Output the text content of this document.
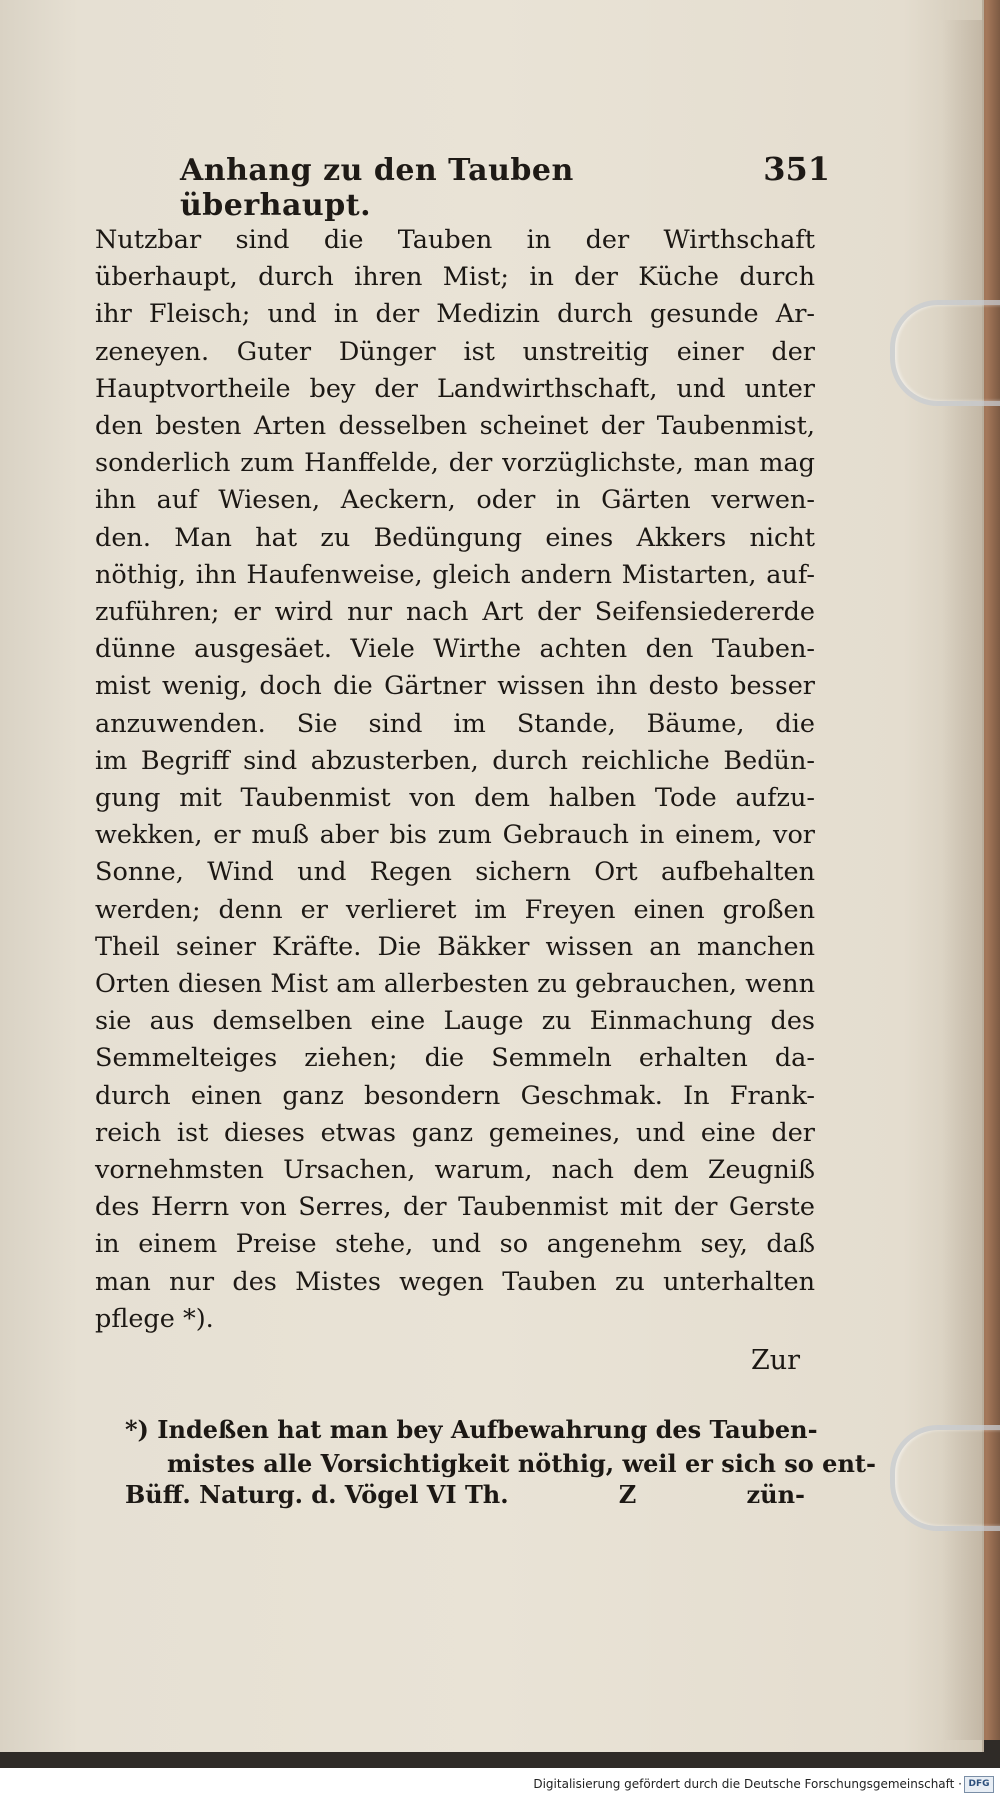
Anhang zu den Tauben überhaupt.
351
Nutzbar sind die Tauben in der Wirthschaft
überhaupt, durch ihren Mist; in der Küche durch
ihr Fleisch; und in der Medizin durch gesunde Ar-
zeneyen. Guter Dünger ist unstreitig einer der
Hauptvortheile bey der Landwirthschaft, und unter
den besten Arten desselben scheinet der Taubenmist,
sonderlich zum Hanffelde, der vorzüglichste, man mag
ihn auf Wiesen, Aeckern, oder in Gärten verwen-
den. Man hat zu Bedüngung eines Akkers nicht
nöthig, ihn Haufenweise, gleich andern Mistarten, auf-
zuführen; er wird nur nach Art der Seifensiedererde
dünne ausgesäet. Viele Wirthe achten den Tauben-
mist wenig, doch die Gärtner wissen ihn desto besser
anzuwenden. Sie sind im Stande, Bäume, die
im Begriff sind abzusterben, durch reichliche Bedün-
gung mit Taubenmist von dem halben Tode aufzu-
wekken, er muß aber bis zum Gebrauch in einem, vor
Sonne, Wind und Regen sichern Ort aufbehalten
werden; denn er verlieret im Freyen einen großen
Theil seiner Kräfte. Die Bäkker wissen an manchen
Orten diesen Mist am allerbesten zu gebrauchen, wenn
sie aus demselben eine Lauge zu Einmachung des
Semmelteiges ziehen; die Semmeln erhalten da-
durch einen ganz besondern Geschmak. In Frank-
reich ist dieses etwas ganz gemeines, und eine der
vornehmsten Ursachen, warum, nach dem Zeugniß
des Herrn von Serres, der Taubenmist mit der Gerste
in einem Preise stehe, und so angenehm sey, daß
man nur des Mistes wegen Tauben zu unterhalten
pflege *).
Zur
*) Indeßen hat man bey Aufbewahrung des Tauben-
mistes alle Vorsichtigkeit nöthig, weil er sich so ent-
Büff. Naturg. d. Vögel VI Th.	Z	zün-
Digitalisierung gefördert durch die Deutsche Forschungsgemeinschaft · DFG
